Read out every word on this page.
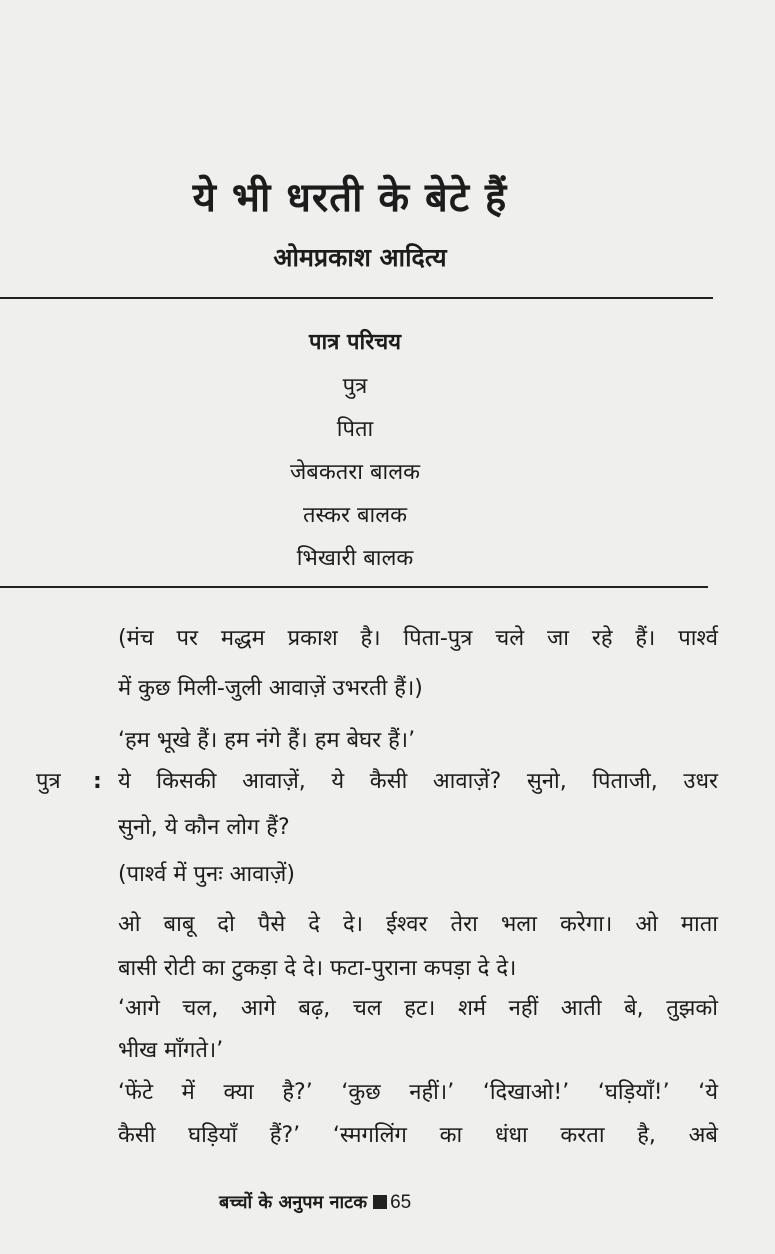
ये भी धरती के बेटे हैं
ओमप्रकाश आदित्य
पात्र परिचय
पुत्र
पिता
जेबकतरा बालक
तस्कर बालक
भिखारी बालक
(मंच पर मद्धम प्रकाश है। पिता-पुत्र चले जा रहे हैं। पार्श्व
में कुछ मिली-जुली आवाज़ें उभरती हैं।)
‘हम भूखे हैं। हम नंगे हैं। हम बेघर हैं।’
पुत्र : ये किसकी आवाज़ें, ये कैसी आवाज़ें? सुनो, पिताजी, उधर
सुनो, ये कौन लोग हैं?
(पार्श्व में पुनः आवाज़ें)
ओ बाबू दो पैसे दे दे। ईश्वर तेरा भला करेगा। ओ माता
बासी रोटी का टुकड़ा दे दे। फटा-पुराना कपड़ा दे दे।
‘आगे चल, आगे बढ़, चल हट। शर्म नहीं आती बे, तुझको
भीख माँगते।’
‘फेंटे में क्या है?’ ‘कुछ नहीं।’ ‘दिखाओ!’ ‘घड़ियाँ!’ ‘ये
कैसी घड़ियाँ हैं?’ ‘स्मगलिंग का धंधा करता है, अबे
बच्चों के अनुपम नाटक 65
